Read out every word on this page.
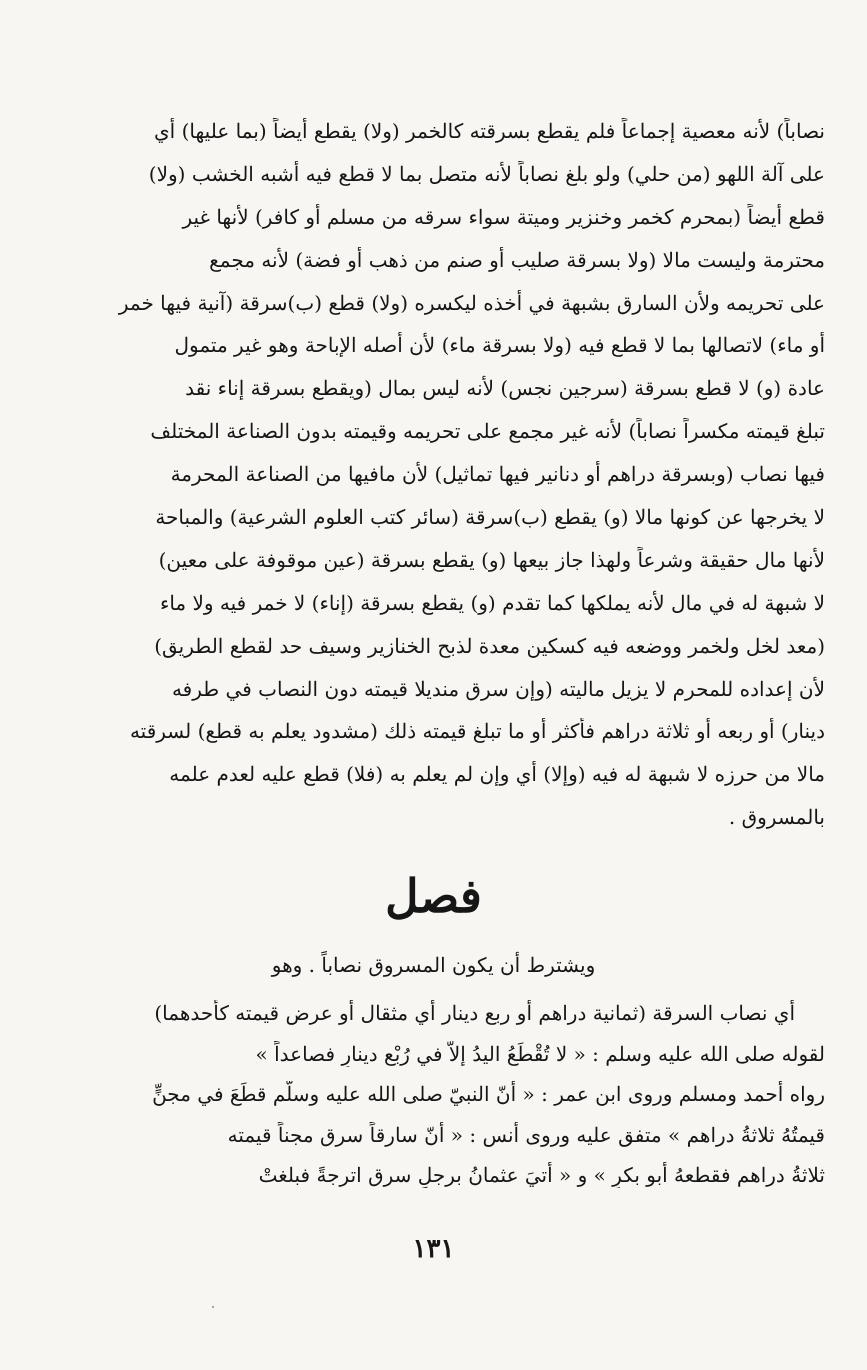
نصاباً) لأنه معصية إجماعاً فلم يقطع بسرقته كالخمر (ولا) يقطع أيضاً (بما عليها) أي
على آلة اللهو (من حلي) ولو بلغ نصاباً لأنه متصل بما لا قطع فيه أشبه الخشب (ولا)
قطع أيضاً (بمحرم كخمر وخنزير وميتة سواء سرقه من مسلم أو كافر) لأنها غير
محترمة وليست مالا (ولا بسرقة صليب أو صنم من ذهب أو فضة) لأنه مجمع
على تحريمه ولأن السارق بشبهة في أخذه ليكسره (ولا) قطع (ب)سرقة (آنية فيها خمر
أو ماء) لاتصالها بما لا قطع فيه (ولا بسرقة ماء) لأن أصله الإباحة وهو غير متمول
عادة (و) لا قطع بسرقة (سرجين نجس) لأنه ليس بمال (ويقطع بسرقة إناء نقد
تبلغ قيمته مكسراً نصاباً) لأنه غير مجمع على تحريمه وقيمته بدون الصناعة المختلف
فيها نصاب (وبسرقة دراهم أو دنانير فيها تماثيل) لأن مافيها من الصناعة المحرمة
لا يخرجها عن كونها مالا (و) يقطع (ب)سرقة (سائر كتب العلوم الشرعية) والمباحة
لأنها مال حقيقة وشرعاً ولهذا جاز بيعها (و) يقطع بسرقة (عين موقوفة على معين)
لا شبهة له في مال لأنه يملكها كما تقدم (و) يقطع بسرقة (إناء) لا خمر فيه ولا ماء
(معد لخل ولخمر ووضعه فيه كسكين معدة لذبح الخنازير وسيف حد لقطع الطريق)
لأن إعداده للمحرم لا يزيل ماليته (وإن سرق منديلا قيمته دون النصاب في طرفه
دينار) أو ربعه أو ثلاثة دراهم فأكثر أو ما تبلغ قيمته ذلك (مشدود يعلم به قطع) لسرقته
مالا من حرزه لا شبهة له فيه (وإلا) أي وإن لم يعلم به (فلا) قطع عليه لعدم علمه
بالمسروق .
فصل
ويشترط أن يكون المسروق نصاباً . وهو
أي نصاب السرقة (ثمانية دراهم أو ربع دينار أي مثقال أو عرض قيمته كأحدهما)
لقوله صلى الله عليه وسلم : « لا تُقْطَعُ اليدُ إلاّ في رُبْعِ دينارٍ فصاعداً »
رواه أحمد ومسلم وروى ابن عمر : « أنّ النبيّ صلى الله عليه وسلّم قطَعَ في مجنٍّ
قيمتُهُ ثلاثةُ دراهم » متفق عليه وروى أنس : « أنّ سارقاً سرق مجناً قيمته
ثلاثةُ دراهم فقطعهُ أبو بكرٍ » و « أُتيَ عثمانُ برجلٍ سرق اترجةً فبلغتْ
١٣١
